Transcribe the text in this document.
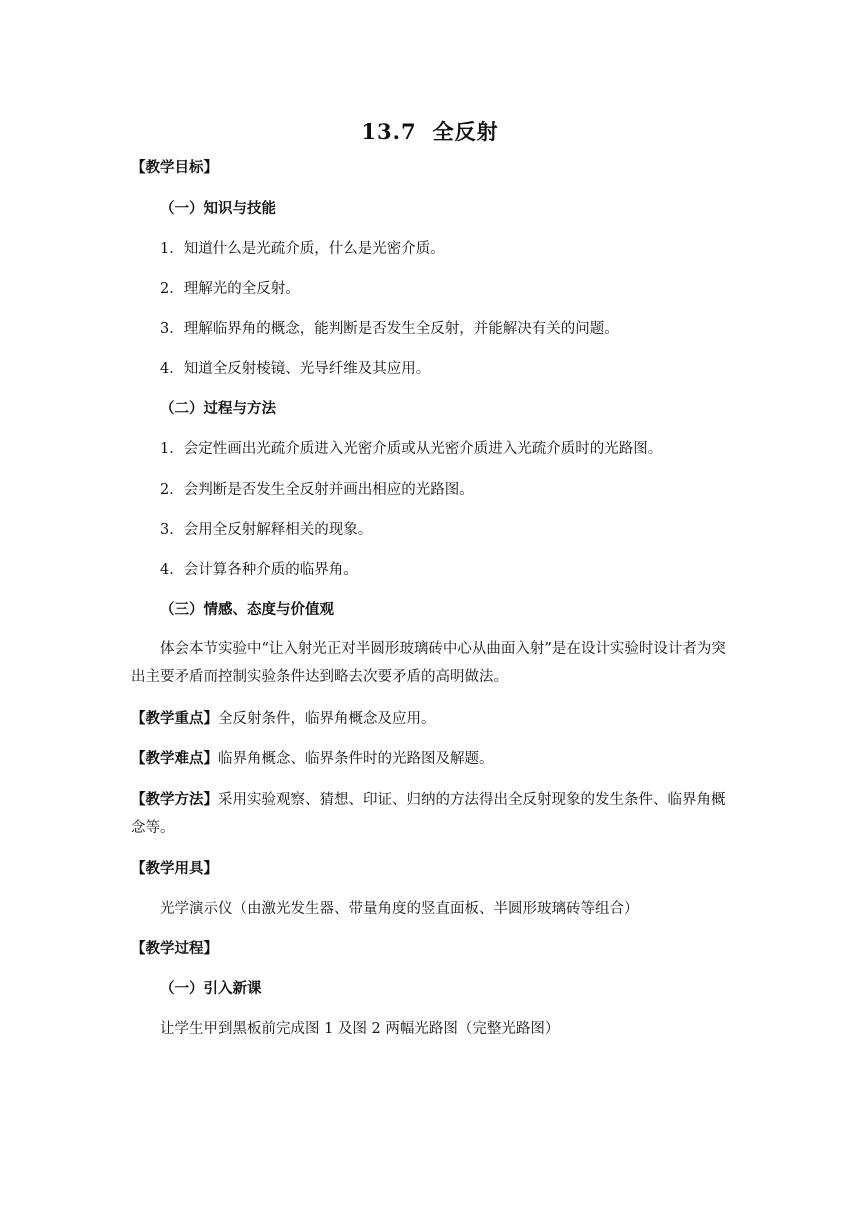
13.7 全反射
【教学目标】
（一）知识与技能
1．知道什么是光疏介质，什么是光密介质。
2．理解光的全反射。
3．理解临界角的概念，能判断是否发生全反射，并能解决有关的问题。
4．知道全反射棱镜、光导纤维及其应用。
（二）过程与方法
1．会定性画出光疏介质进入光密介质或从光密介质进入光疏介质时的光路图。
2．会判断是否发生全反射并画出相应的光路图。
3．会用全反射解释相关的现象。
4．会计算各种介质的临界角。
（三）情感、态度与价值观
体会本节实验中“让入射光正对半圆形玻璃砖中心从曲面入射”是在设计实验时设计者为突出主要矛盾而控制实验条件达到略去次要矛盾的高明做法。
【教学重点】全反射条件，临界角概念及应用。
【教学难点】临界角概念、临界条件时的光路图及解题。
【教学方法】采用实验观察、猜想、印证、归纳的方法得出全反射现象的发生条件、临界角概念等。
【教学用具】
光学演示仪（由激光发生器、带量角度的竖直面板、半圆形玻璃砖等组合）
【教学过程】
（一）引入新课
让学生甲到黑板前完成图 1 及图 2 两幅光路图（完整光路图）
